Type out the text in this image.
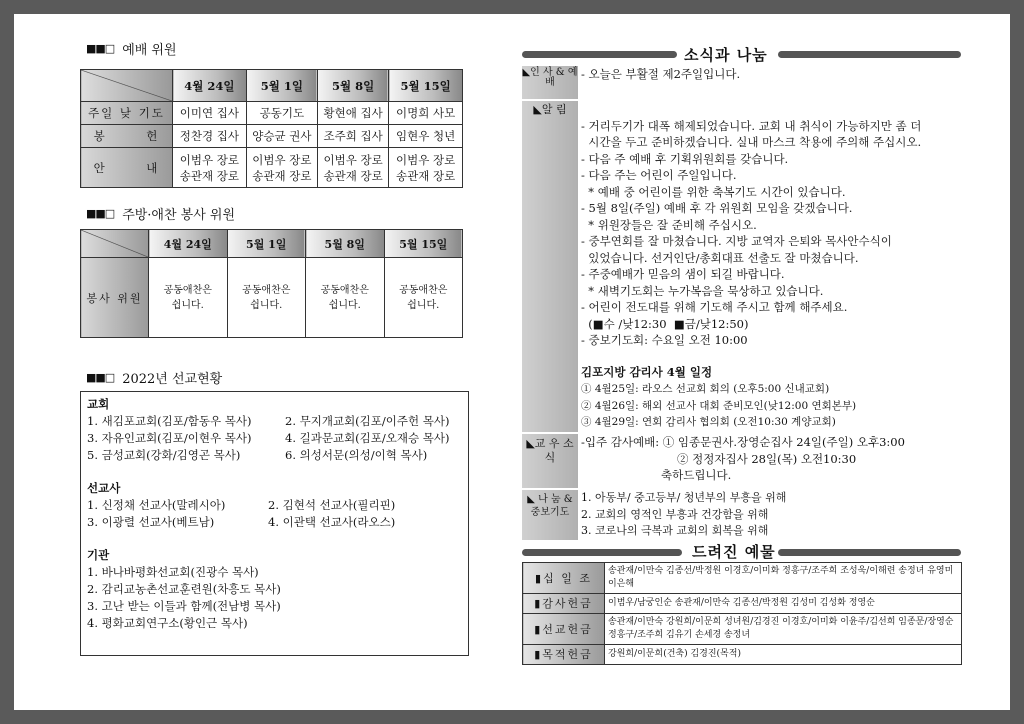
■■□ 예배 위원
	4월 24일	5월 1일	5월 8일	5월 15일
주일 낮 기도	이미연 집사	공동기도	황현애 집사	이명희 사모
봉       헌	정찬경 집사	양승균 권사	조주희 집사	임현우 청년
안       내	이범우 장로 송관재 장로	이범우 장로 송관재 장로	이범우 장로 송관재 장로	이범우 장로 송관재 장로
■■□ 주방·애찬 봉사 위원
	4월 24일	5월 1일	5월 8일	5월 15일
봉사 위원	공동애찬은 쉽니다.	공동애찬은 쉽니다.	공동애찬은 쉽니다.	공동애찬은 쉽니다.
■■□ 2022년 선교현황
교회
1. 새김포교회(김포/함동우 목사)	2. 무지개교회(김포/이주헌 목사)
3. 자유인교회(김포/이현우 목사)	4. 길과문교회(김포/오재승 목사)
5. 금성교회(강화/김영곤 목사)	6. 의성서문(의성/이혁 목사)
선교사
1. 신정채 선교사(말레시아)	2. 김현석 선교사(필리핀)
3. 이광렬 선교사(베트남)	4. 이관택 선교사(라오스)
기관
1. 바나바평화선교회(진광수 목사)
2. 감리교농촌선교훈련원(차흥도 목사)
3. 고난 받는 이들과 함께(전남병 목사)
4. 평화교회연구소(황인근 목사)
소식과 나눔
◣인 사 & 예 배
- 오늘은 부활절 제2주일입니다.
◣알 림

- 거리두기가 대폭 해제되었습니다. 교회 내 취식이 가능하지만 좀 더
시간을 두고 준비하겠습니다. 실내 마스크 착용에 주의해 주십시오.
- 다음 주 예배 후 기획위원회를 갖습니다.
- 다음 주는 어린이 주일입니다.
* 예배 중 어린이를 위한 축복기도 시간이 있습니다.
- 5월 8일(주일) 예배 후 각 위원회 모임을 갖겠습니다.
* 위원장들은 잘 준비해 주십시오.
- 중부연회를 잘 마쳤습니다. 지방 교역자 은퇴와 목사안수식이
있었습니다. 선거인단/총회대표 선출도 잘 마쳤습니다.
- 주중예배가 믿음의 샘이 되길 바랍니다.
* 새벽기도회는 누가복음을 묵상하고 있습니다.
- 어린이 전도대를 위해 기도해 주시고 함께 해주세요.
(■수 /낮12:30  ■금/낮12:50)
- 중보기도회: 수요일 오전 10:00

김포지방 감리사 4월 일정
① 4월25일: 라오스 선교회 회의 (오후5:00 신내교회)
② 4월26일: 해외 선교사 대회 준비모인(낮12:00 연회본부)
③ 4월29일: 연회 감리사 협의회 (오전10:30 계양교회)
◣교 우 소 식
-입주 감사예배: ① 임종문권사.장영순집사 24일(주일) 오후3:00
② 정정자집사 28일(목) 오전10:30
축하드립니다.
◣ 나 눔 & 중보기도
1. 아동부/ 중고등부/ 청년부의 부흥을 위해
2. 교회의 영적인 부흥과 건강함을 위해
3. 코로나의 극복과 교회의 회복을 위해
드려진 예물
▮십 일 조	송관재/이만숙 김종선/박정원 이경호/이미화 정흥구/조주희 조성욱/이해련 송정녀 유영미 이은해
▮감사헌금	이범우/남궁인순 송관재/이만숙 김종선/박정원 김성미 김성화 정영순
▮선교헌금	송관재/이만숙 강원희/이문희 성녀원/김경진 이경호/이미화 이윤주/김선희 임종문/장영순 정흥구/조주희 김유기 손세경 송정녀
▮목적헌금	강원희/이문희(건축) 김경진(목적)
